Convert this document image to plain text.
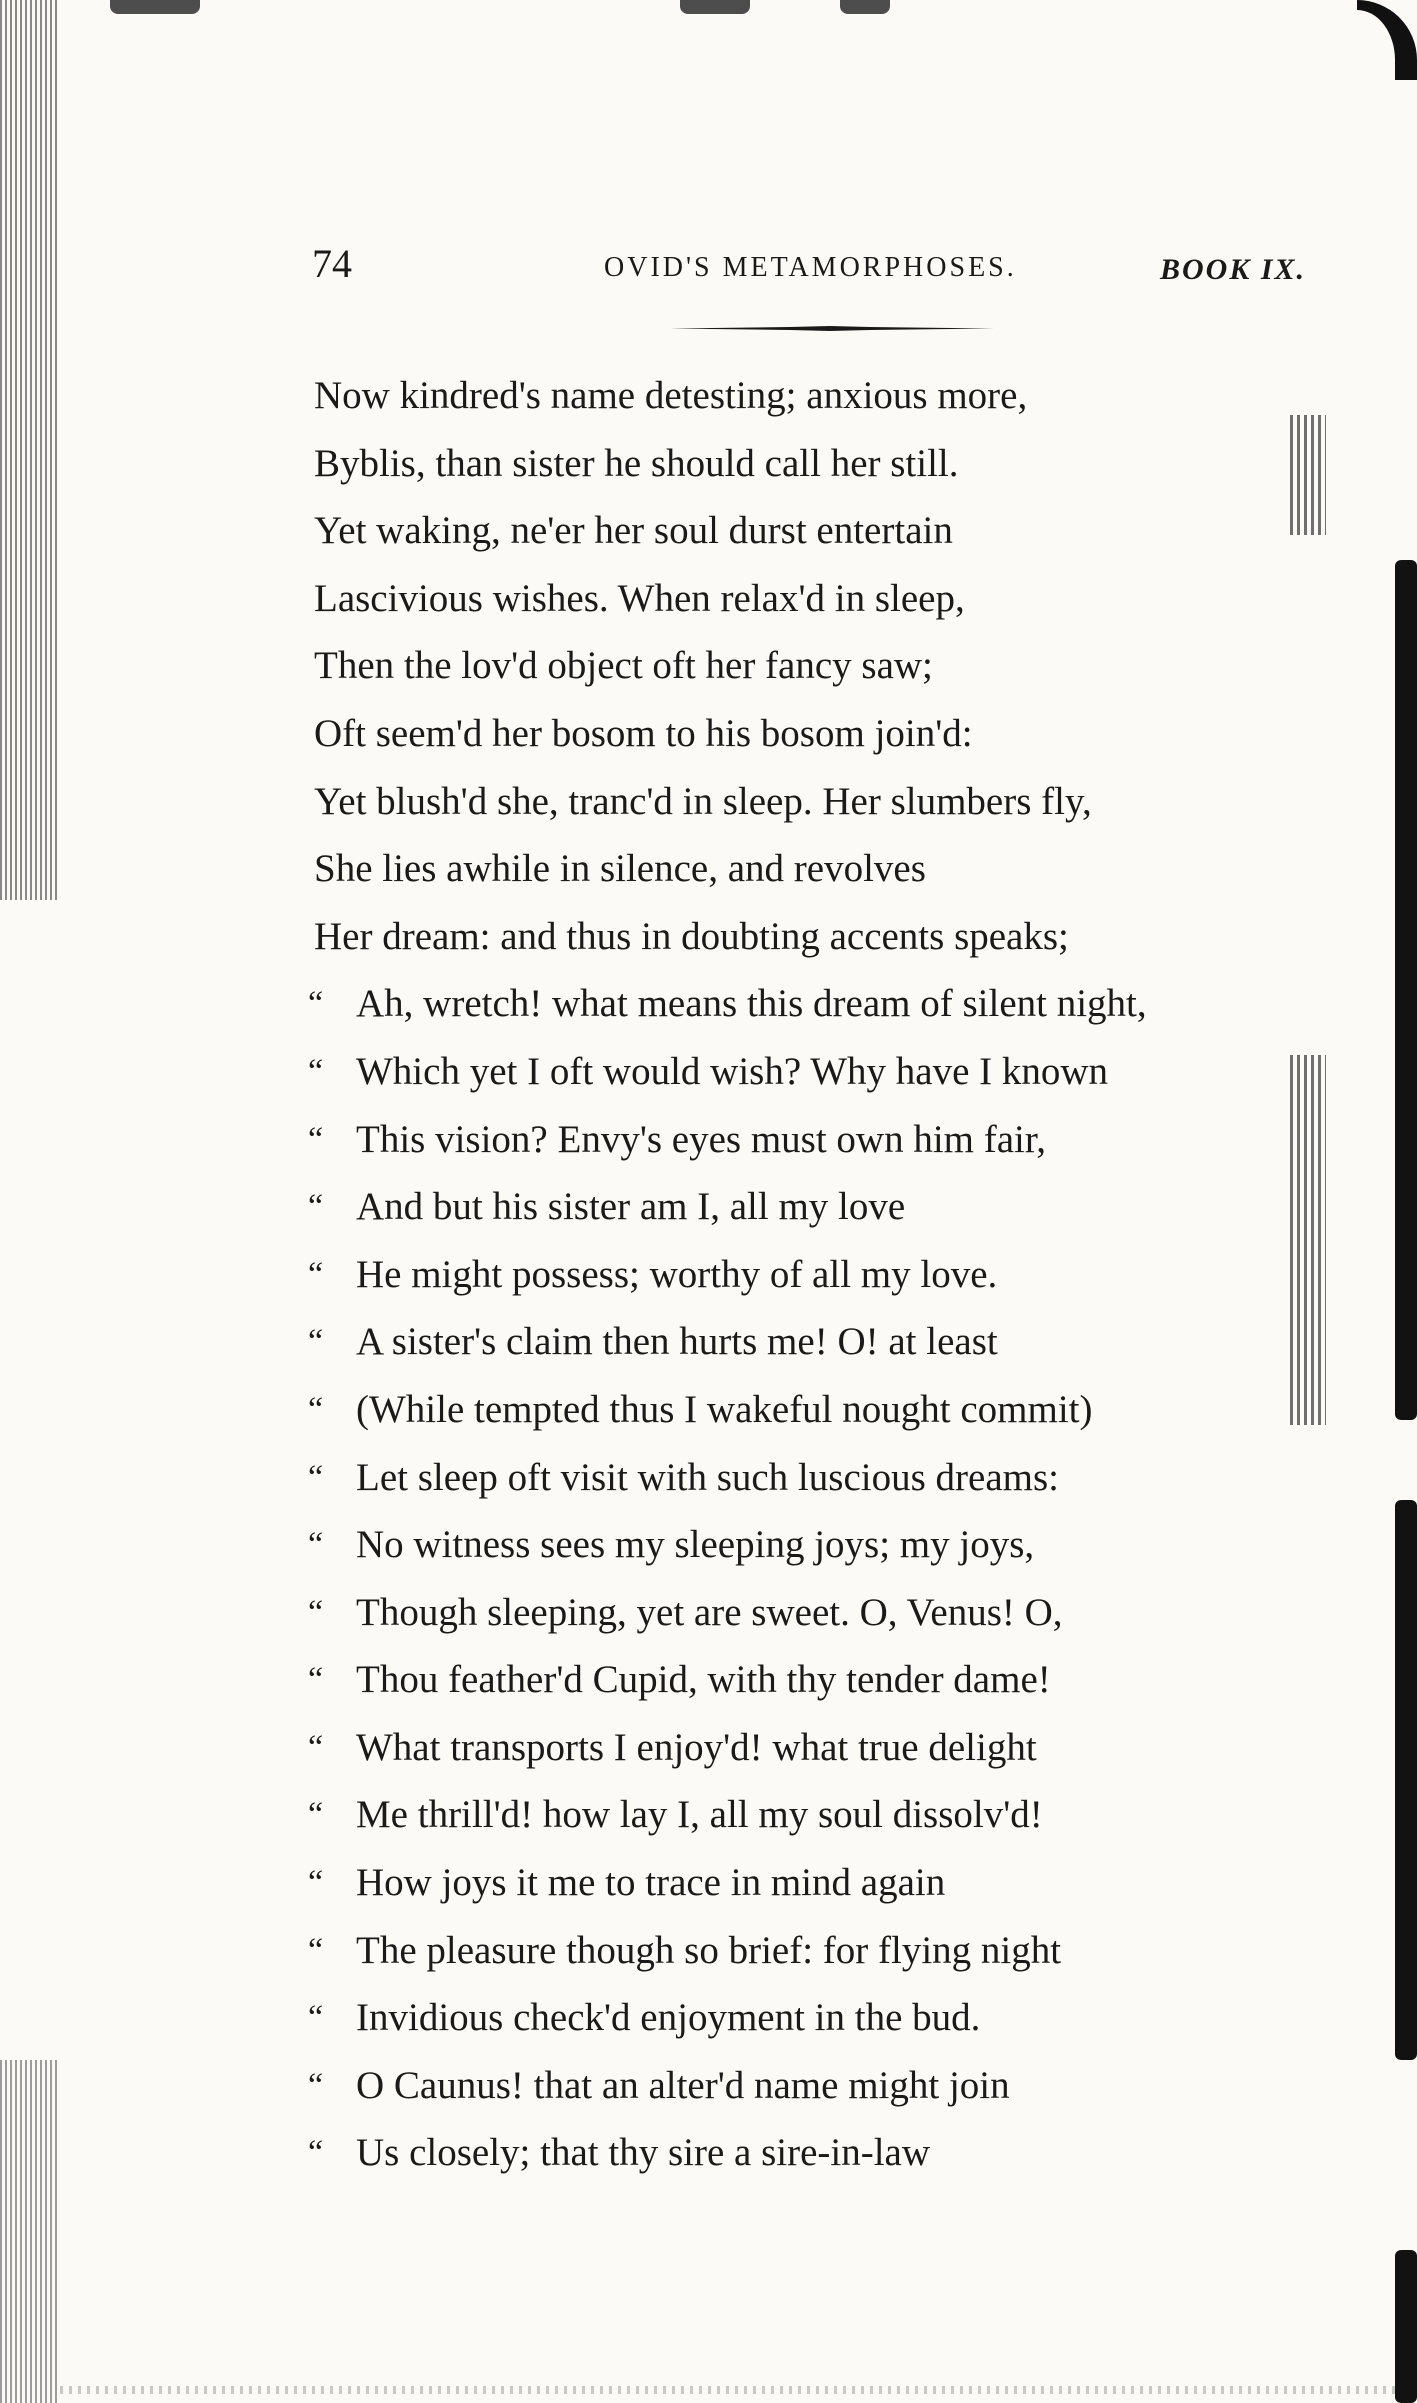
74	OVID'S METAMORPHOSES.	BOOK IX.
Now kindred's name detesting; anxious more,
Byblis, than sister he should call her still.
Yet waking, ne'er her soul durst entertain
Lascivious wishes. When relax'd in sleep,
Then the lov'd object oft her fancy saw;
Oft seem'd her bosom to his bosom join'd:
Yet blush'd she, tranc'd in sleep. Her slumbers fly,
She lies awhile in silence, and revolves
Her dream: and thus in doubting accents speaks;
“ Ah, wretch! what means this dream of silent night,
“ Which yet I oft would wish? Why have I known
“ This vision? Envy's eyes must own him fair,
“ And but his sister am I, all my love
“ He might possess; worthy of all my love.
“ A sister's claim then hurts me! O! at least
“ (While tempted thus I wakeful nought commit)
“ Let sleep oft visit with such luscious dreams:
“ No witness sees my sleeping joys; my joys,
“ Though sleeping, yet are sweet. O, Venus! O,
“ Thou feather'd Cupid, with thy tender dame!
“ What transports I enjoy'd! what true delight
“ Me thrill'd! how lay I, all my soul dissolv'd!
“ How joys it me to trace in mind again
“ The pleasure though so brief: for flying night
“ Invidious check'd enjoyment in the bud.
“ O Caunus! that an alter'd name might join
“ Us closely; that thy sire a sire-in-law
